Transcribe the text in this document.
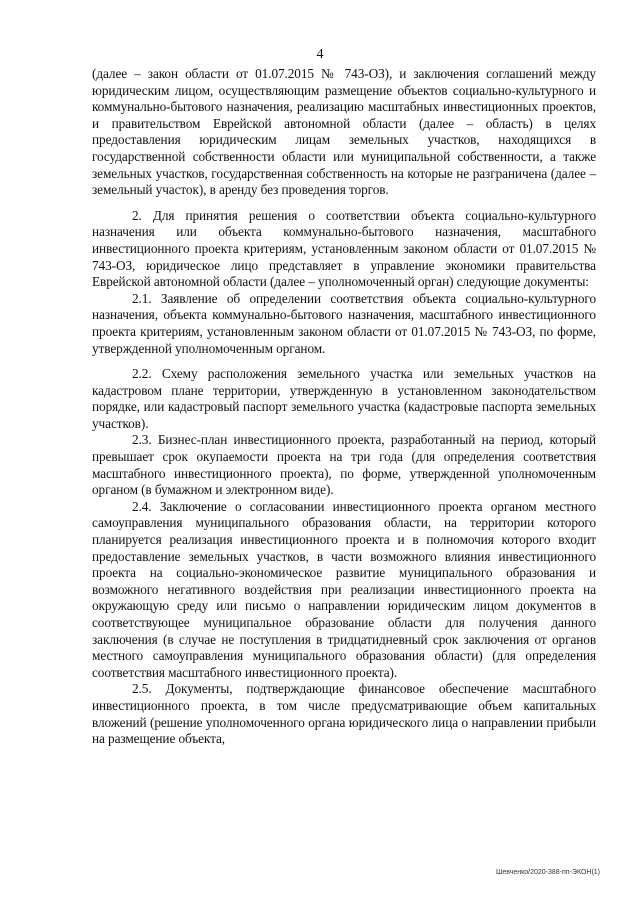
4

(далее – закон области от 01.07.2015 № 743-ОЗ), и заключения соглашений между юридическим лицом, осуществляющим размещение объектов социально-культурного и коммунально-бытового назначения, реализацию масштабных инвестиционных проектов, и правительством Еврейской автономной области (далее – область) в целях предоставления юридическим лицам земельных участков, находящихся в государственной собственности области или муниципальной собственности, а также земельных участков, государственная собственность на которые не разграничена (далее – земельный участок), в аренду без проведения торгов.

2. Для принятия решения о соответствии объекта социально-культурного назначения или объекта коммунально-бытового назначения, масштабного инвестиционного проекта критериям, установленным законом области от 01.07.2015 № 743-ОЗ, юридическое лицо представляет в управление экономики правительства Еврейской автономной области (далее – уполномоченный орган) следующие документы:

2.1. Заявление об определении соответствия объекта социально-культурного назначения, объекта коммунально-бытового назначения, масштабного инвестиционного проекта критериям, установленным законом области от 01.07.2015 № 743-ОЗ, по форме, утвержденной уполномоченным органом.

2.2. Схему расположения земельного участка или земельных участков на кадастровом плане территории, утвержденную в установленном законодательством порядке, или кадастровый паспорт земельного участка (кадастровые паспорта земельных участков).

2.3. Бизнес-план инвестиционного проекта, разработанный на период, который превышает срок окупаемости проекта на три года (для определения соответствия масштабного инвестиционного проекта), по форме, утвержденной уполномоченным органом (в бумажном и электронном виде).

2.4. Заключение о согласовании инвестиционного проекта органом местного самоуправления муниципального образования области, на территории которого планируется реализация инвестиционного проекта и в полномочия которого входит предоставление земельных участков, в части возможного влияния инвестиционного проекта на социально-экономическое развитие муниципального образования и возможного негативного воздействия при реализации инвестиционного проекта на окружающую среду или письмо о направлении юридическим лицом документов в соответствующее муниципальное образование области для получения данного заключения (в случае не поступления в тридцатидневный срок заключения от органов местного самоуправления муниципального образования области) (для определения соответствия масштабного инвестиционного проекта).

2.5. Документы, подтверждающие финансовое обеспечение масштабного инвестиционного проекта, в том числе предусматривающие объем капитальных вложений (решение уполномоченного органа юридического лица о направлении прибыли на размещение объекта,

Шевченко/2020-388-пп-ЭКОН(1)
